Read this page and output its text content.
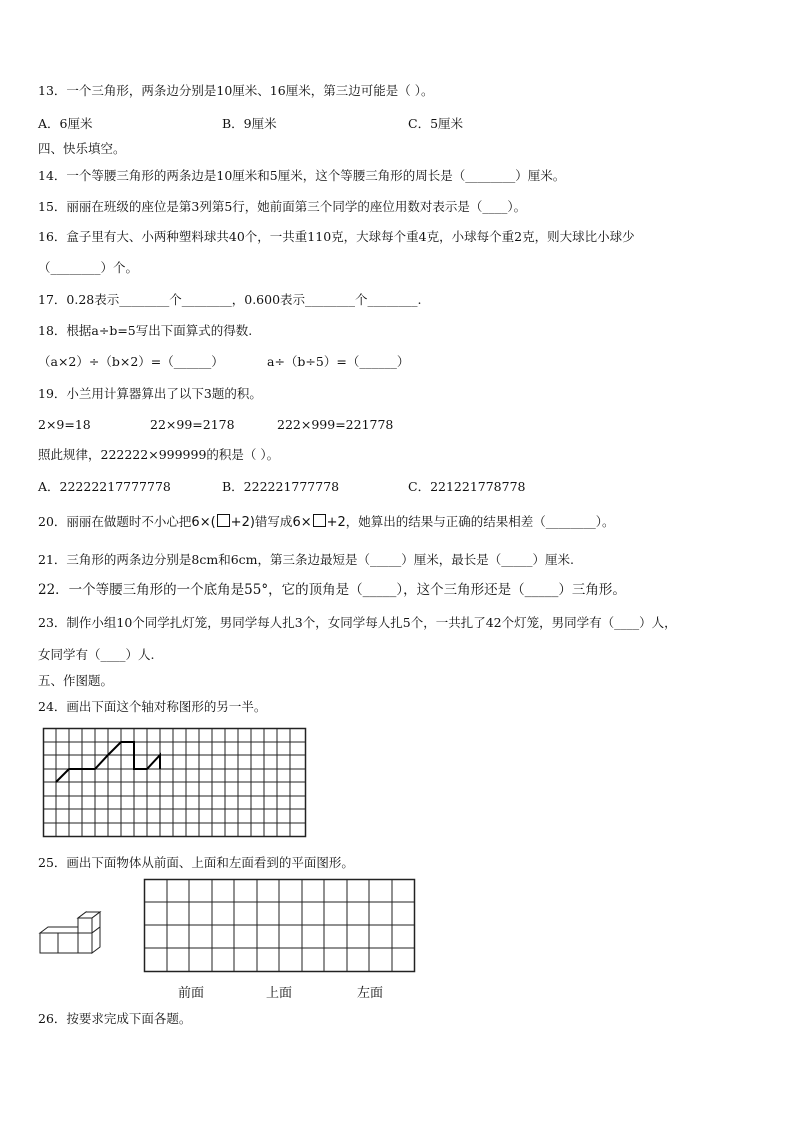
13．一个三角形，两条边分别是10厘米、16厘米，第三边可能是（ ）。
A．6厘米	B．9厘米	C．5厘米
四、快乐填空。
14．一个等腰三角形的两条边是10厘米和5厘米，这个等腰三角形的周长是（________）厘米。
15．丽丽在班级的座位是第3列第5行，她前面第三个同学的座位用数对表示是（____）。
16．盒子里有大、小两种塑料球共40个，一共重110克，大球每个重4克，小球每个重2克，则大球比小球少
（________）个。
17．0.28表示________个________，0.600表示________个________.
18．根据a÷b=5写出下面算式的得数.
（a×2）÷（b×2）=（______）	a÷（b÷5）=（______）
19．小兰用计算器算出了以下3题的积。
2×9=18	22×99=2178	222×999=221778
照此规律，222222×999999的积是（ ）。
A．22222217777778	B．222221777778	C．221221778778
20．丽丽在做题时不小心把6×( +2)错写成6× +2，她算出的结果与正确的结果相差（________）。
21．三角形的两条边分别是8cm和6cm，第三条边最短是（_____）厘米，最长是（_____）厘米.
22．一个等腰三角形的一个底角是55°，它的顶角是（_____），这个三角形还是（_____）三角形。
23．制作小组10个同学扎灯笼，男同学每人扎3个，女同学每人扎5个，一共扎了42个灯笼，男同学有（____）人，
女同学有（____）人.
五、作图题。
24．画出下面这个轴对称图形的另一半。
25．画出下面物体从前面、上面和左面看到的平面图形。
前面	上面	左面
26．按要求完成下面各题。
